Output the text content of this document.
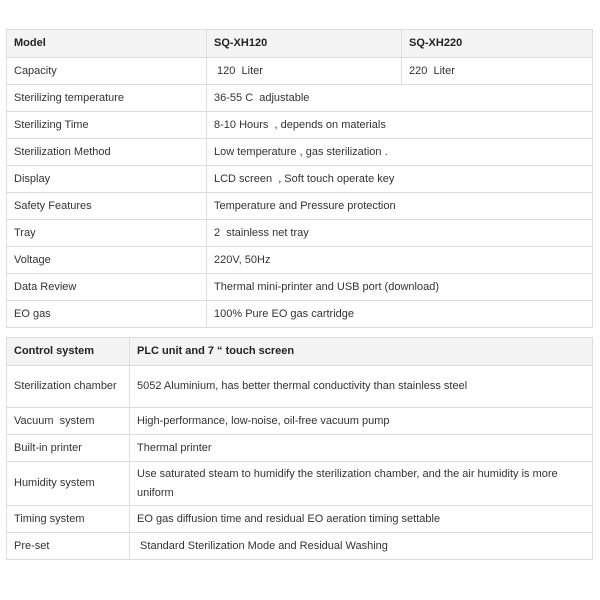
Model	SQ-XH120	SQ-XH220
Capacity	120  Liter	220  Liter
Sterilizing temperature	36-55 C  adjustable	
Sterilizing Time	8-10 Hours  , depends on materials	
Sterilization Method	Low temperature , gas sterilization .	
Display	LCD screen  , Soft touch operate key	
Safety Features	Temperature and Pressure protection	
Tray	2  stainless net tray	
Voltage	220V, 50Hz	
Data Review	Thermal mini-printer and USB port (download)	
EO gas	100% Pure EO gas cartridge	
Control system	PLC unit and 7 “ touch screen
Sterilization chamber	5052 Aluminium, has better thermal conductivity than stainless steel
Vacuum  system	High-performance, low-noise, oil-free vacuum pump
Built-in printer	Thermal printer
Humidity system	Use saturated steam to humidify the sterilization chamber, and the air humidity is more uniform
Timing system	EO gas diffusion time and residual EO aeration timing settable
Pre-set	Standard Sterilization Mode and Residual Washing
